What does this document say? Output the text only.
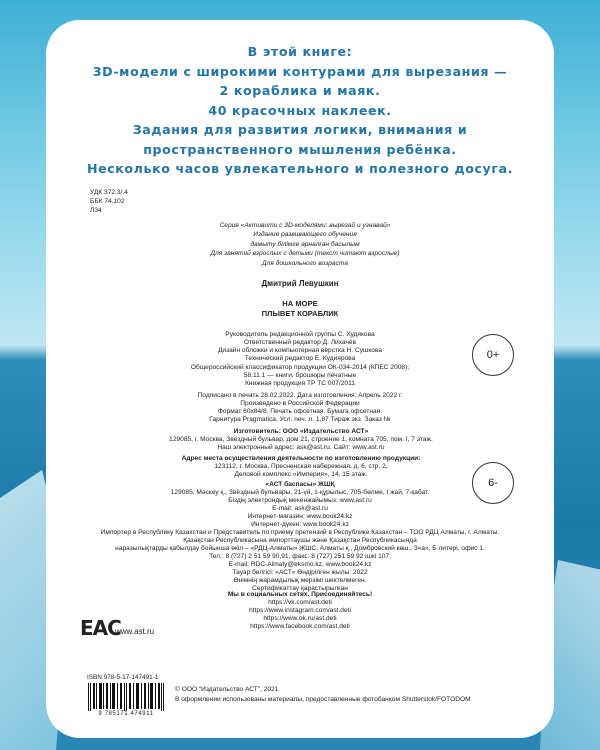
В этой книге:
3D-модели с широкими контурами для вырезания —
2 кораблика и маяк.
40 красочных наклеек.
Задания для развития логики, внимания и
пространственного мышления ребёнка.
Несколько часов увлекательного и полезного досуга.
УДК 372.3/.4
ББК 74.102
Л34
Серия «Активити с 3D-моделями: вырезай и узнавай»
Издание развивающего обучения
дамыту білімге арналған басылым
Для занятий взрослых с детьми (текст читают взрослые)
Для дошкольного возраста
Дмитрий Левушкин
НА МОРЕ
ПЛЫВЕТ КОРАБЛИК
Руководитель редакционной группы С. Худякова
Ответственный редактор Д. Лихачёв
Дизайн обложки и компьютерная вёрстка Н. Сушкова
Технический редактор Е. Кудиярова
Общероссийский классификатор продукции ОК-034-2014 (КПЕС 2008);
58.11.1 — книги, брошюры печатные
Книжная продукция ТР ТС 007/2011
Подписано в печать 28.02.2022. Дата изготовления: Апрель 2022 г.
Произведено в Российской Федерации
Формат 60х84/8. Печать офсетная. Бумага офсетная.
Гарнитура Pragmatica. Усл. печ. л. 1,87 Тираж экз. Заказ №
Изготовитель: ООО «Издательство АСТ»
129085, г. Москва, Звёздный бульвар, дом 21, строение 1, комната 705, пом. I, 7 этаж.
Наш электронный адрес: ask@ast.ru. Сайт: www.ast.ru
Адрес места осуществления деятельности по изготовлению продукции:
123112, г. Москва, Пресненская набережная, д. 6, стр. 2,
Деловой комплекс «Империя», 14, 15 этаж.
«АСТ баспасы» ЖШҚ
129085, Мәскеу қ., Звёздный бульвары, 21-үй, 1-құрылыс, 705-бөлме, І жай, 7-қабат.
Біздің электрондық мекенжайымыз: www.ast.ru
E-mail: ask@ast.ru
Интернет-магазин: www.book24.kz
Интернет-дүкен: www.book24.kz
Импортер в Республику Казахстан и Представитель по приему претензий в Республике Казахстан – ТОО РДЦ Алматы, г. Алматы.
Қазақстан Республикасына импорттаушы және Қазақстан Республикасында
наразылықтарды қабылдау бойынша өкіл – «РДЦ-Алматы» ЖШС, Алматы қ., Домбровский көш., 3«а», Б литері, офис 1.
Тел.: 8 (727) 2 51 59 90,91, факс: 8 (727) 251 59 92 ішкі 107;
E-mail: RDC-Almaty@eksmo.kz, www.book24.kz
Тауар белгісі: «АСТ» Өндірілген жылы: 2022
Өнімнің жарамдылық мерзімі шектелмеген.
Сертификаттау қарастырылған
Мы в социальных сетях. Присоединяйтесь!
https://vk.com/ast.deti
https://www.instagram.com/ast.deti
https://www.ok.ru/ast.deti
https://www.facebook.com/ast.deti
0+
6-
ЕАС
www.ast.ru
ISBN 978-5-17-147491-1
9 785171 474911
© ООО “Издательство АСТ”, 2021
В оформлении использованы материалы, предоставленные фотобанком Shutterstok/FOTODOM
